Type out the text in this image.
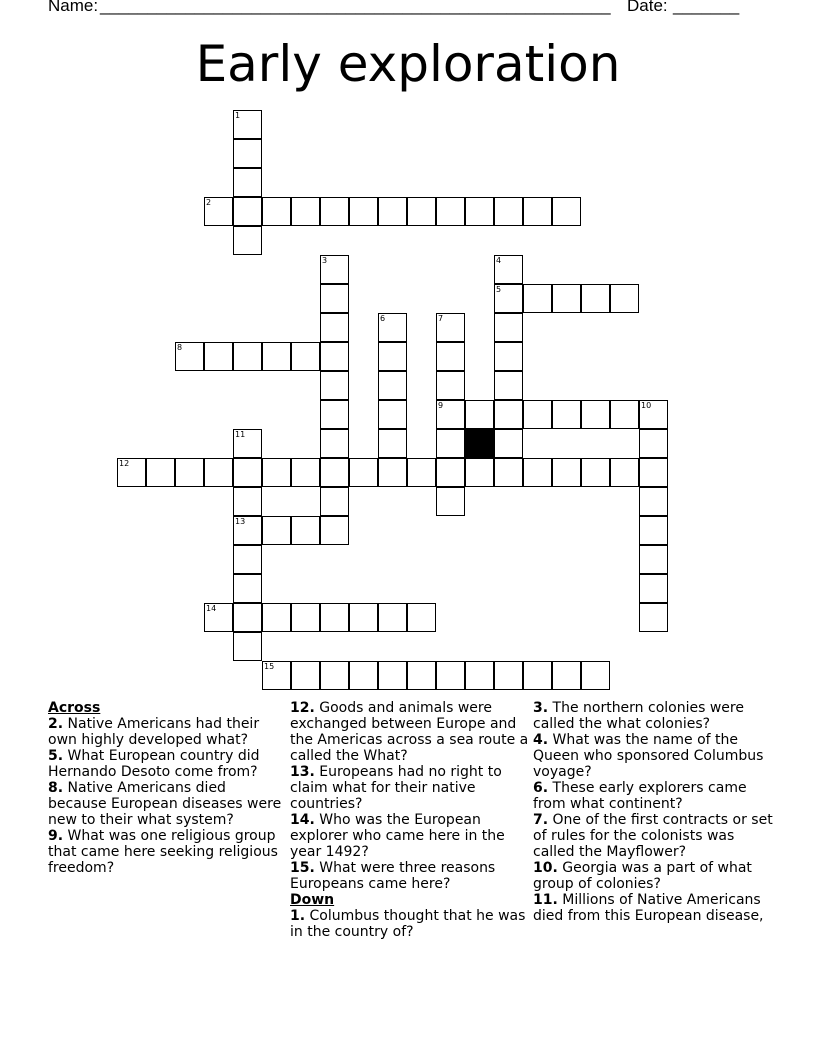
Name: ______________________________________________________ Date: _______
Early exploration
1
2
3	4
5
6	7
9
8
10
11
13
12
14
15

Across

2. Native Americans had their own highly developed what?

5. What European country did Hernando Desoto come from?

8. Native Americans died because European diseases were new to their what system?

9. What was one religious group that came here seeking religious freedom?

12. Goods and animals were exchanged between Europe and the Americas across a sea route a called the What?

13. Europeans had no right to claim what for their native countries?

14. Who was the European explorer who came here in the year 1492?

15. What were three reasons Europeans came here?

Down

1. Columbus thought that he was in the country of?

3. The northern colonies were called the what colonies?

4. What was the name of the Queen who sponsored Columbus voyage?

6. These early explorers came from what continent?

7. One of the first contracts or set of rules for the colonists was called the Mayflower?

10. Georgia was a part of what group of colonies?

11. Millions of Native Americans died from this European disease,
